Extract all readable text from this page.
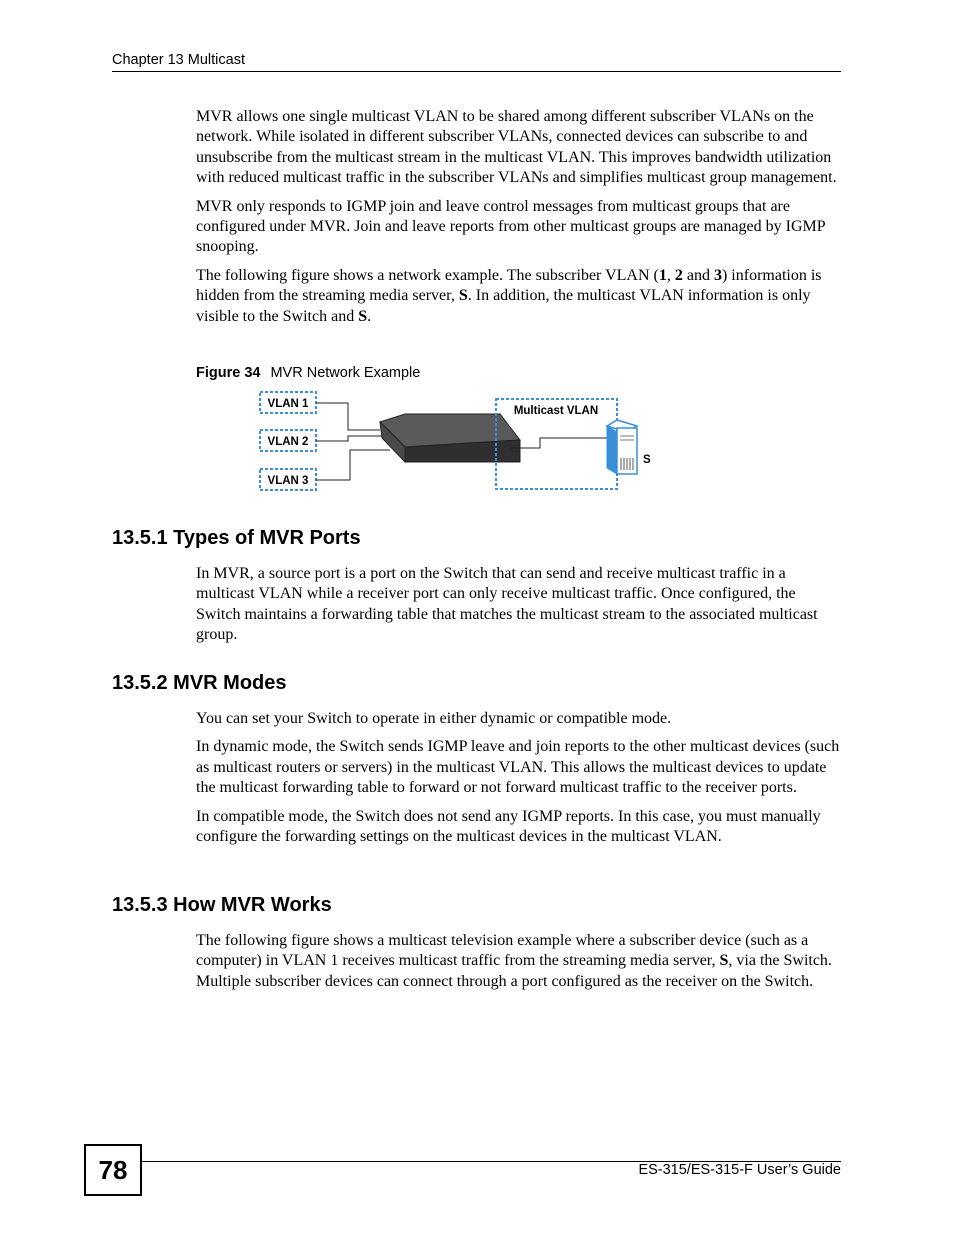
Chapter 13 Multicast

MVR allows one single multicast VLAN to be shared among different subscriber VLANs on the network. While isolated in different subscriber VLANs, connected devices can subscribe to and unsubscribe from the multicast stream in the multicast VLAN. This improves bandwidth utilization with reduced multicast traffic in the subscriber VLANs and simplifies multicast group management.

MVR only responds to IGMP join and leave control messages from multicast groups that are configured under MVR. Join and leave reports from other multicast groups are managed by IGMP snooping.

The following figure shows a network example. The subscriber VLAN (1, 2 and 3) information is hidden from the streaming media server, S. In addition, the multicast VLAN information is only visible to the Switch and S.

Figure 34 MVR Network Example
VLAN 1
VLAN 2
VLAN 3
Multicast VLAN
S
13.5.1 Types of MVR Ports

In MVR, a source port is a port on the Switch that can send and receive multicast traffic in a multicast VLAN while a receiver port can only receive multicast traffic. Once configured, the Switch maintains a forwarding table that matches the multicast stream to the associated multicast group.

13.5.2 MVR Modes

You can set your Switch to operate in either dynamic or compatible mode.

In dynamic mode, the Switch sends IGMP leave and join reports to the other multicast devices (such as multicast routers or servers) in the multicast VLAN. This allows the multicast devices to update the multicast forwarding table to forward or not forward multicast traffic to the receiver ports.

In compatible mode, the Switch does not send any IGMP reports. In this case, you must manually configure the forwarding settings on the multicast devices in the multicast VLAN.

13.5.3 How MVR Works

The following figure shows a multicast television example where a subscriber device (such as a computer) in VLAN 1 receives multicast traffic from the streaming media server, S, via the Switch. Multiple subscriber devices can connect through a port configured as the receiver on the Switch.

78	ES-315/ES-315-F User’s Guide
